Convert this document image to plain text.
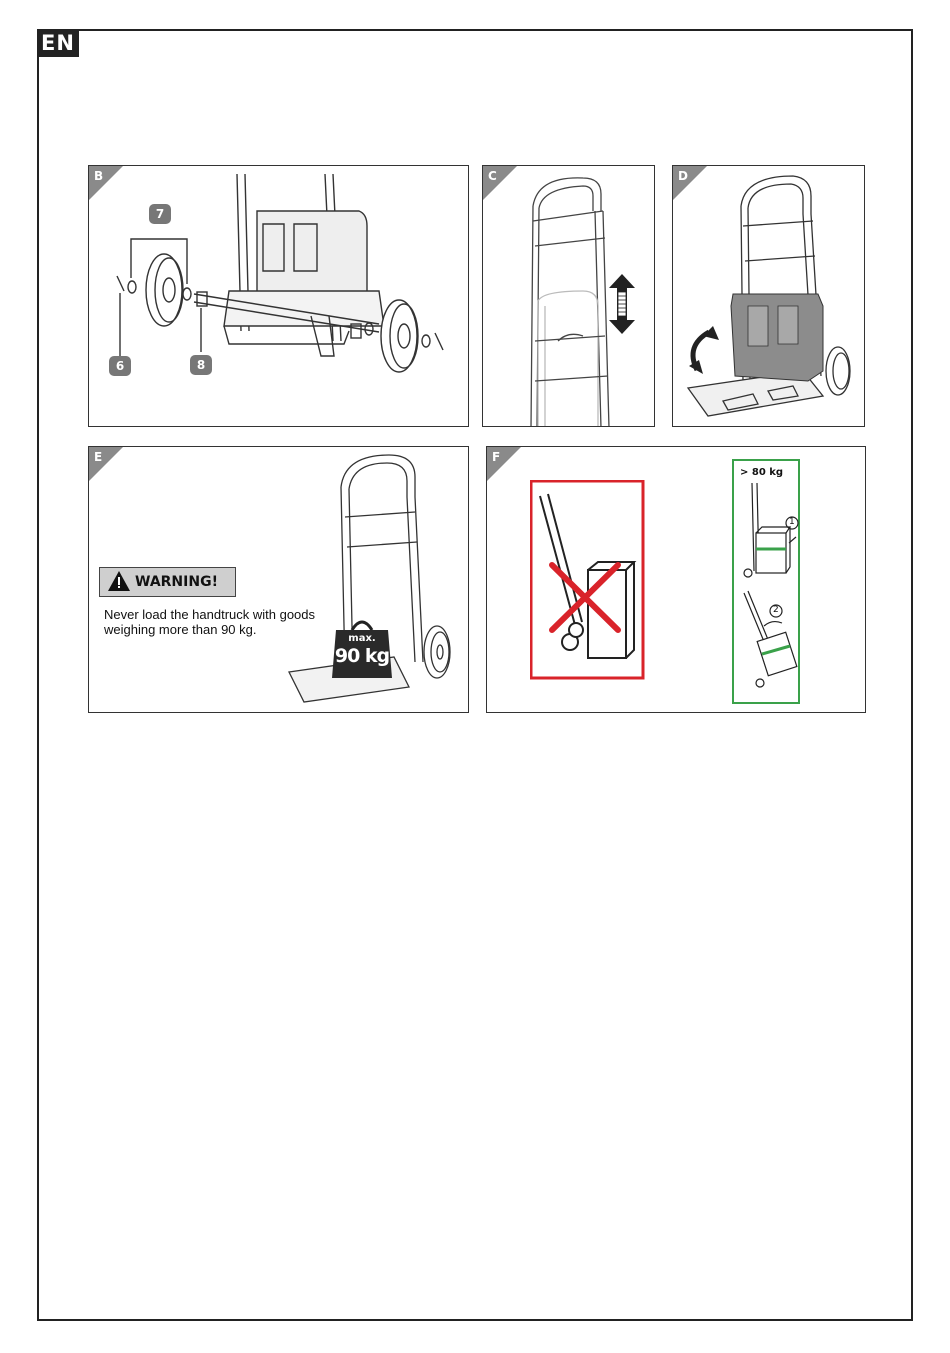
EN
B
7
6	8
C	D
E
WARNING!
Never load the handtruck with goods weighing more than 90 kg.
max.
90 kg
> 80 kg
1
2
F
